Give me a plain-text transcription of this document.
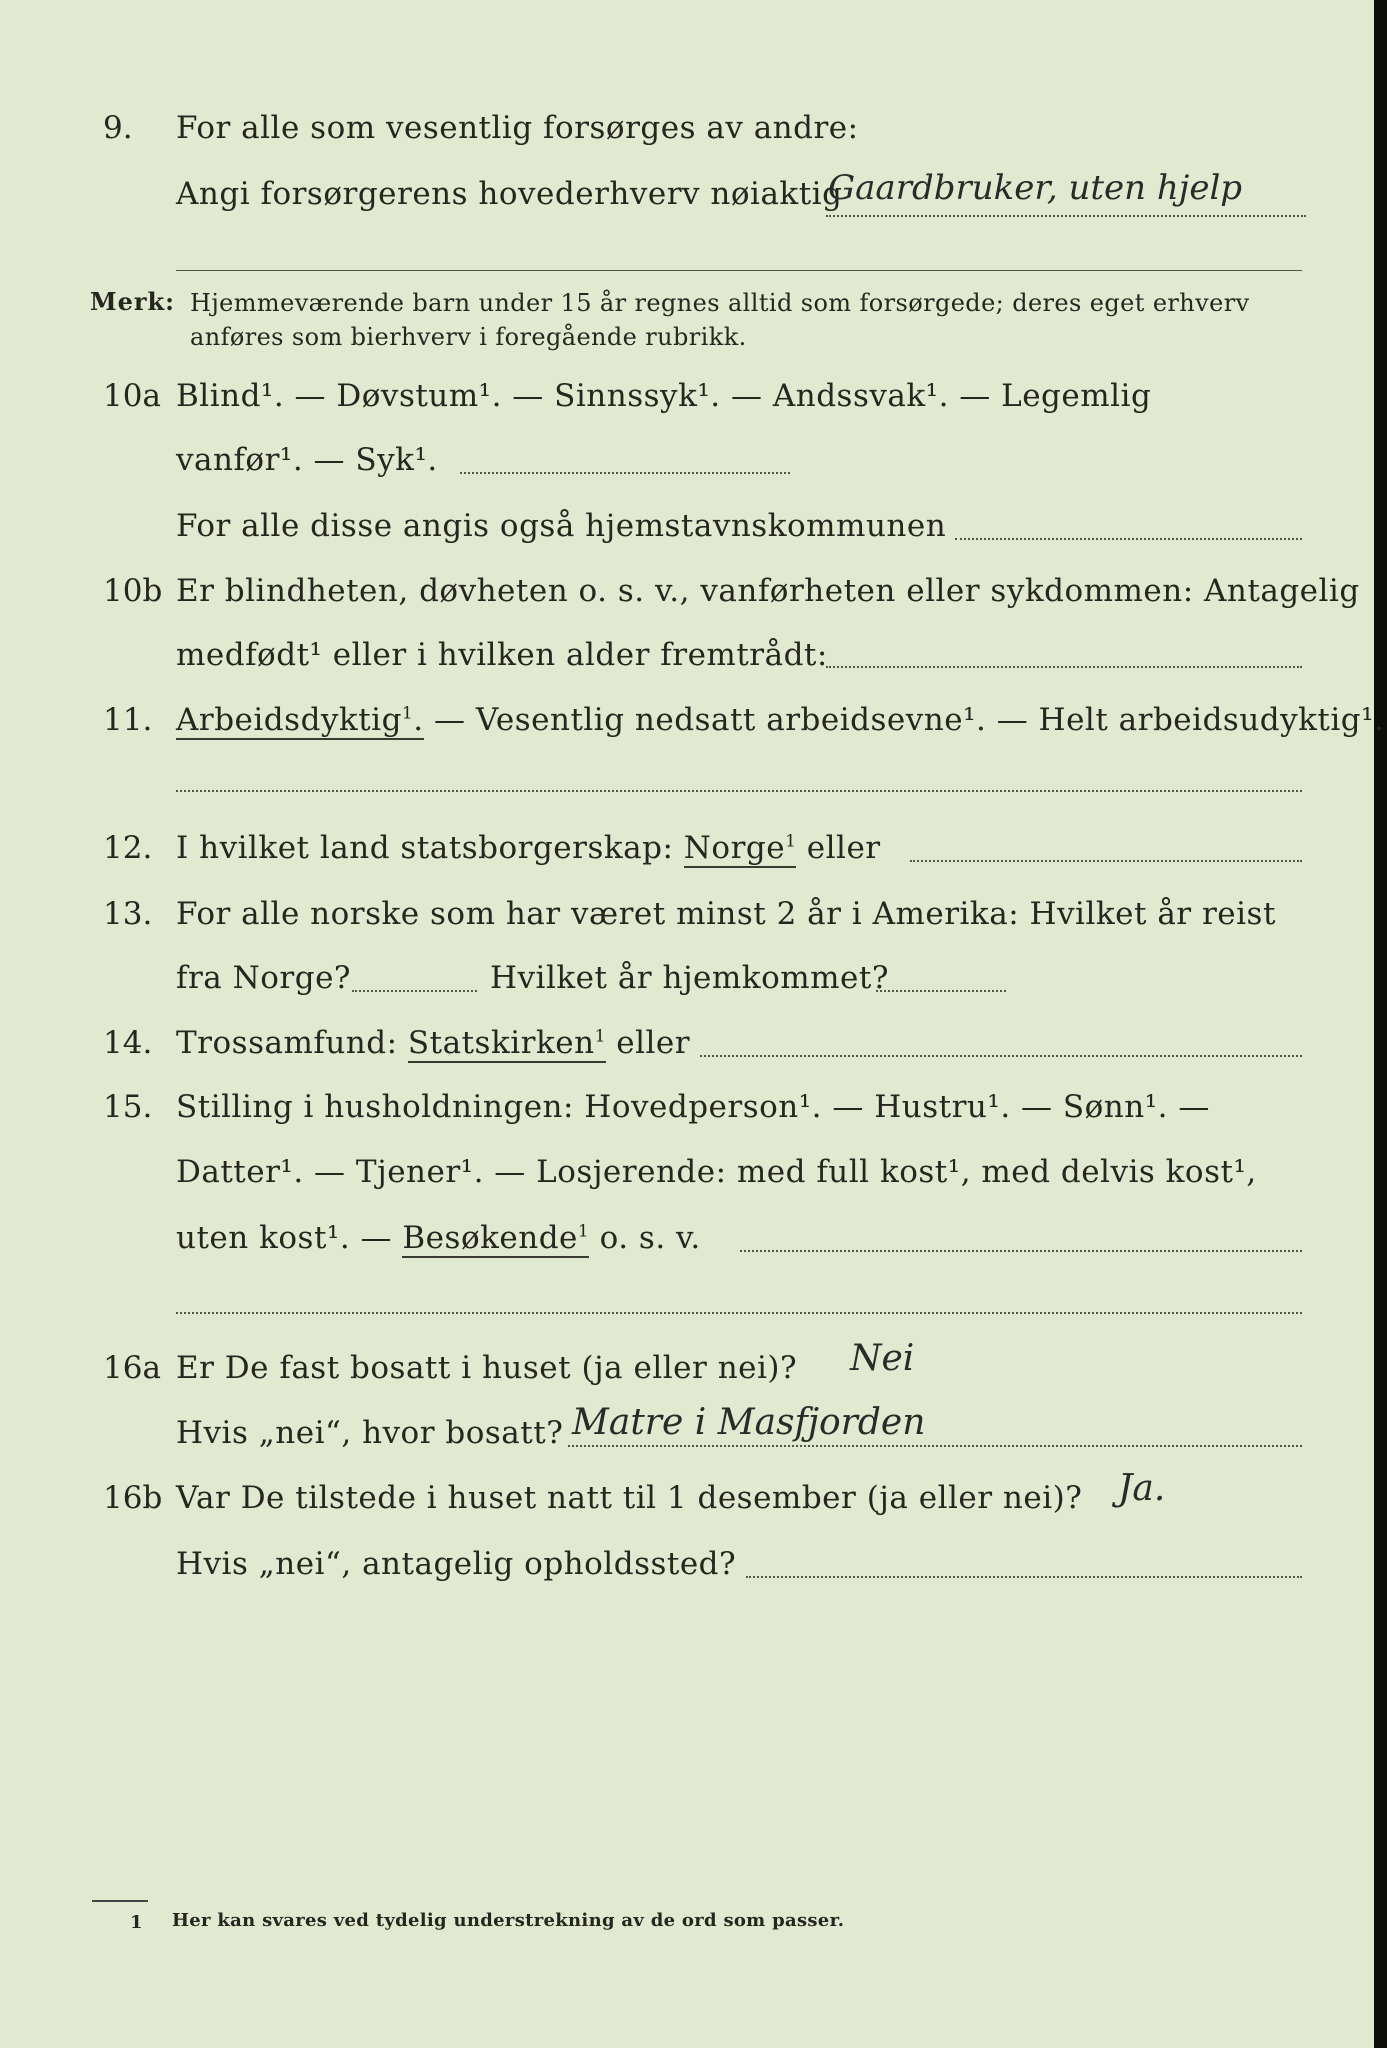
9. For alle som vesentlig forsørges av andre:
Angi forsørgerens hovederhverv nøiaktig
Gaardbruker, uten hjelp
Merk: Hjemmeværende barn under 15 år regnes alltid som forsørgede; deres eget erhverv
anføres som bierhverv i foregående rubrikk.
10a Blind¹. — Døvstum¹. — Sinnssyk¹. — Andssvak¹. — Legemlig
vanfør¹. — Syk¹.
For alle disse angis også hjemstavnskommunen
10b Er blindheten, døvheten o. s. v., vanførheten eller sykdommen: Antagelig
medfødt¹ eller i hvilken alder fremtrådt:
11. Arbeidsdyktig$^1$. — Vesentlig nedsatt arbeidsevne¹. — Helt arbeidsudyktig¹.
12. I hvilket land statsborgerskap: Norge$^1$ eller
13. For alle norske som har været minst 2 år i Amerika: Hvilket år reist
fra Norge?	Hvilket år hjemkommet?
14. Trossamfund: Statskirken$^1$ eller
15. Stilling i husholdningen: Hovedperson¹. — Hustru¹. — Sønn¹. —
Datter¹. — Tjener¹. — Losjerende: med full kost¹, med delvis kost¹,
uten kost¹. — Besøkende$^1$ o. s. v.
16a Er De fast bosatt i huset (ja eller nei)? Nei
Hvis „nei“, hvor bosatt? Matre i Masfjorden
16b Var De tilstede i huset natt til 1 desember (ja eller nei)? Ja.
Hvis „nei“, antagelig opholdssted?
1 Her kan svares ved tydelig understrekning av de ord som passer.
